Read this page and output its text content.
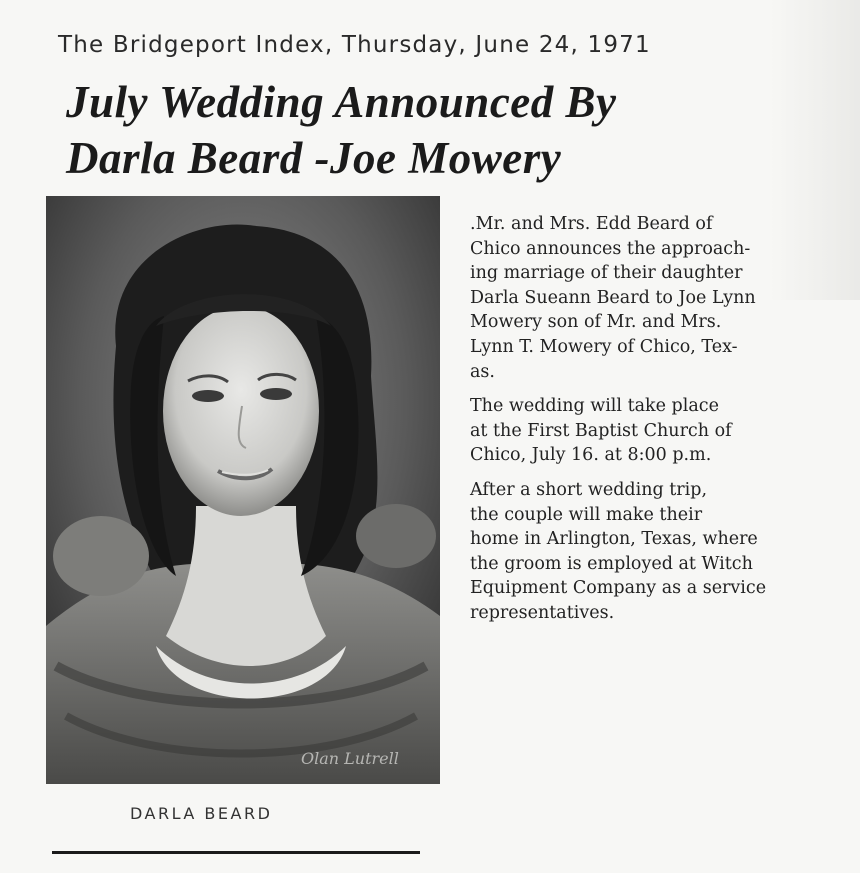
The Bridgeport Index, Thursday, June 24, 1971
July Wedding Announced By
Darla Beard -Joe Mowery
Olan Lutrell
DARLA BEARD

.Mr. and Mrs. Edd Beard of
Chico announces the approach-
ing marriage of their daughter
Darla Sueann Beard to Joe Lynn
Mowery son of Mr. and Mrs.
Lynn T. Mowery of Chico, Tex-
as.

The wedding will take place
at the First Baptist Church of
Chico, July 16. at 8:00 p.m.

After a short wedding trip,
the couple will make their
home in Arlington, Texas, where
the groom is employed at Witch
Equipment Company as a service
representatives.
